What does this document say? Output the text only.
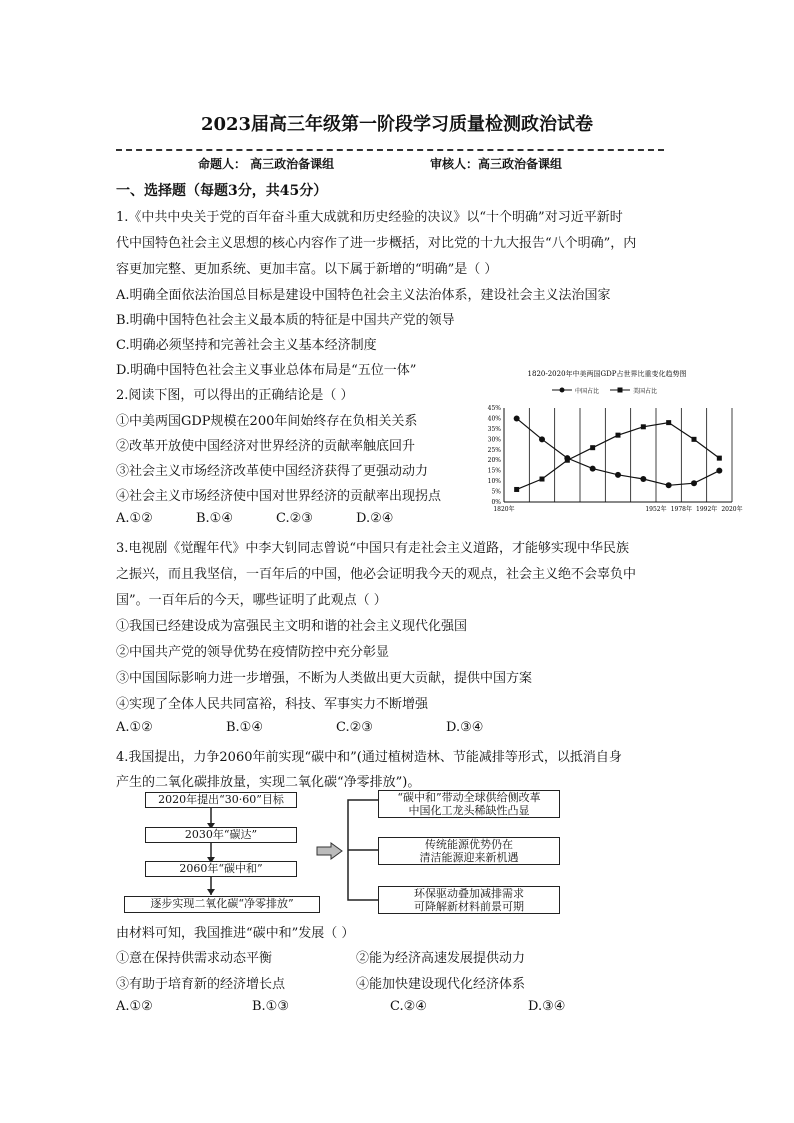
2023届高三年级第一阶段学习质量检测政治试卷
命题人： 高三政治备课组	审核人：高三政治备课组
一、选择题（每题3分，共45分）
1.《中共中央关于党的百年奋斗重大成就和历史经验的决议》以“十个明确”对习近平新时
代中国特色社会主义思想的核心内容作了进一步概括，对比党的十九大报告“八个明确”，内
容更加完整、更加系统、更加丰富。以下属于新增的“明确”是（ ）
A.明确全面依法治国总目标是建设中国特色社会主义法治体系，建设社会主义法治国家
B.明确中国特色社会主义最本质的特征是中国共产党的领导
C.明确必须坚持和完善社会主义基本经济制度
D.明确中国特色社会主义事业总体布局是“五位一体”
2.阅读下图，可以得出的正确结论是（ ）
①中美两国GDP规模在200年间始终存在负相关关系
②改革开放使中国经济对世界经济的贡献率触底回升
③社会主义市场经济改革使中国经济获得了更强动动力
④社会主义市场经济使中国对世界经济的贡献率出现拐点
A.①②	B.①④	C.②③	D.②④
1820-2020年中美两国GDP占世界比重变化趋势图
中国占比	美国占比
45%
40%
35%
30%
25%
20%
15%
10%
5%
0%
1820年	1952年 1978年 1992年 2020年
3.电视剧《觉醒年代》中李大钊同志曾说“中国只有走社会主义道路，才能够实现中华民族
之振兴，而且我坚信，一百年后的中国，他必会证明我今天的观点，社会主义绝不会辜负中
国”。一百年后的今天，哪些证明了此观点（ ）
①我国已经建设成为富强民主文明和谐的社会主义现代化强国
②中国共产党的领导优势在疫情防控中充分彰显
③中国国际影响力进一步增强，不断为人类做出更大贡献，提供中国方案
④实现了全体人民共同富裕，科技、军事实力不断增强
A.①②	B.①④	C.②③	D.③④
4.我国提出，力争2060年前实现“碳中和”(通过植树造林、节能减排等形式，以抵消自身
产生的二氧化碳排放量，实现二氧化碳“净零排放”)。
2020年提出“30·60”目标
2030年“碳达”
2060年“碳中和”
逐步实现二氧化碳“净零排放”
“碳中和”带动全球供给侧改革
中国化工龙头稀缺性凸显
传统能源优势仍在
清洁能源迎来新机遇
环保驱动叠加减排需求
可降解新材料前景可期
由材料可知，我国推进“碳中和”发展（ ）
①意在保持供需求动态平衡	②能为经济高速发展提供动力
③有助于培育新的经济增长点	④能加快建设现代化经济体系
A.①②	B.①③	C.②④	D.③④
